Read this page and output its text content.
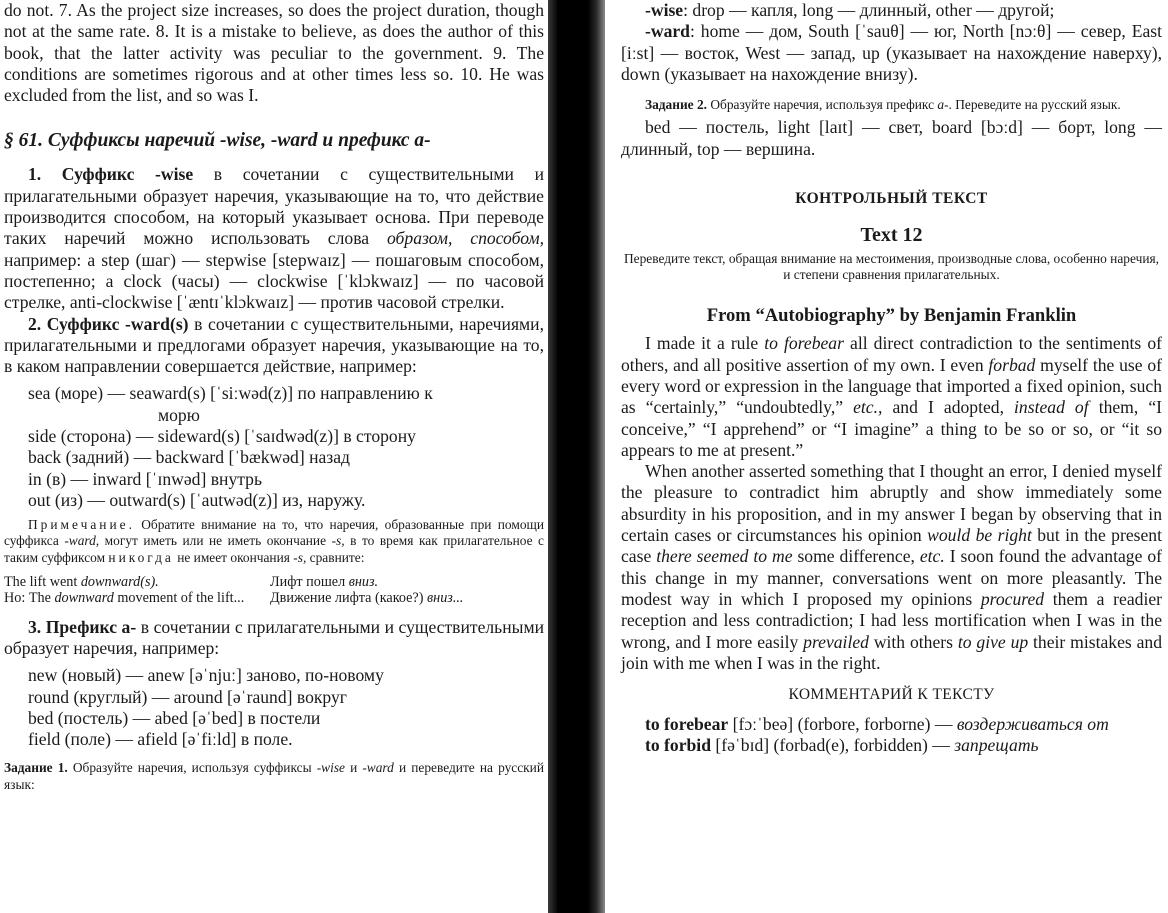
do not. 7. As the project size increases, so does the project duration, though not at the same rate. 8. It is a mistake to believe, as does the author of this book, that the latter activity was peculiar to the government. 9. The conditions are sometimes rigorous and at other times less so. 10. He was excluded from the list, and so was I.

§ 61. Суффиксы наречий -wise, -ward и префикс a-

1. Суффикс -wise в сочетании с существительными и прилагательными образует наречия, указывающие на то, что действие производится способом, на который указывает основа. При переводе таких наречий можно использовать слова образом, способом, например: a step (шаг) — stepwise [stepwaɪz] — пошаговым способом, постепенно; a clock (часы) — clockwise [ˈklɔkwaɪz] — по часовой стрелке, anti-clockwise [ˈæntɪˈklɔkwaɪz] — против часовой стрелки.

2. Суффикс -ward(s) в сочетании с существительными, наречиями, прилагательными и предлогами образует наречия, указывающие на то, в каком направлении совершается действие, например:

sea (море) — seaward(s) [ˈsiːwəd(z)] по направлению к

морю

side (сторона) — sideward(s) [ˈsaɪdwəd(z)] в сторону

back (задний) — backward [ˈbækwəd] назад

in (в) — inward [ˈɪnwəd] внутрь

out (из) — outward(s) [ˈautwəd(z)] из, наружу.

Примечание. Обратите внимание на то, что наречия, образованные при помощи суффикса -ward, могут иметь или не иметь окончание -s, в то время как прилагательное с таким суффиксом никогда не имеет окончания -s, сравните:

The lift went downward(s).

Но: The downward movement of the lift...

Лифт пошел вниз.

Движение лифта (какое?) вниз...

3. Префикс a- в сочетании с прилагательными и существительными образует наречия, например:

new (новый) — anew [əˈnjuː] заново, по-новому

round (круглый) — around [əˈraund] вокруг

bed (постель) — abed [əˈbed] в постели

field (поле) — afield [əˈfiːld] в поле.

Задание 1. Образуйте наречия, используя суффиксы -wise и -ward и переведите на русский язык:

-wise: drop — капля, long — длинный, other — другой;

-ward: home — дом, South [ˈsauθ] — юг, North [nɔːθ] — север, East [iːst] — восток, West — запад, up (указывает на нахождение наверху), down (указывает на нахождение внизу).

Задание 2. Образуйте наречия, используя префикс a-. Переведите на русский язык.

bed — постель, light [laɪt] — свет, board [bɔːd] — борт, long — длинный, top — вершина.

КОНТРОЛЬНЫЙ ТЕКСТ

Text 12

Переведите текст, обращая внимание на местоимения, производные слова, особенно наречия, и степени сравнения прилагательных.

From “Autobiography” by Benjamin Franklin

I made it a rule to forebear all direct contradiction to the sentiments of others, and all positive assertion of my own. I even forbad myself the use of every word or expression in the language that imported a fixed opinion, such as “certainly,” “undoubtedly,” etc., and I adopted, instead of them, “I conceive,” “I apprehend” or “I imagine” a thing to be so or so, or “it so appears to me at present.”

When another asserted something that I thought an error, I denied myself the pleasure to contradict him abruptly and show immediately some absurdity in his proposition, and in my answer I began by observing that in certain cases or circumstances his opinion would be right but in the present case there seemed to me some difference, etc. I soon found the advantage of this change in my manner, conversations went on more pleasantly. The modest way in which I proposed my opinions procured them a readier reception and less contradiction; I had less mortification when I was in the wrong, and I more easily prevailed with others to give up their mistakes and join with me when I was in the right.

КОММЕНТАРИЙ К ТЕКСТУ

to forebear [fɔːˈbeə] (forbore, forborne) — воздерживаться от

to forbid [fəˈbɪd] (forbad(e), forbidden) — запрещать
